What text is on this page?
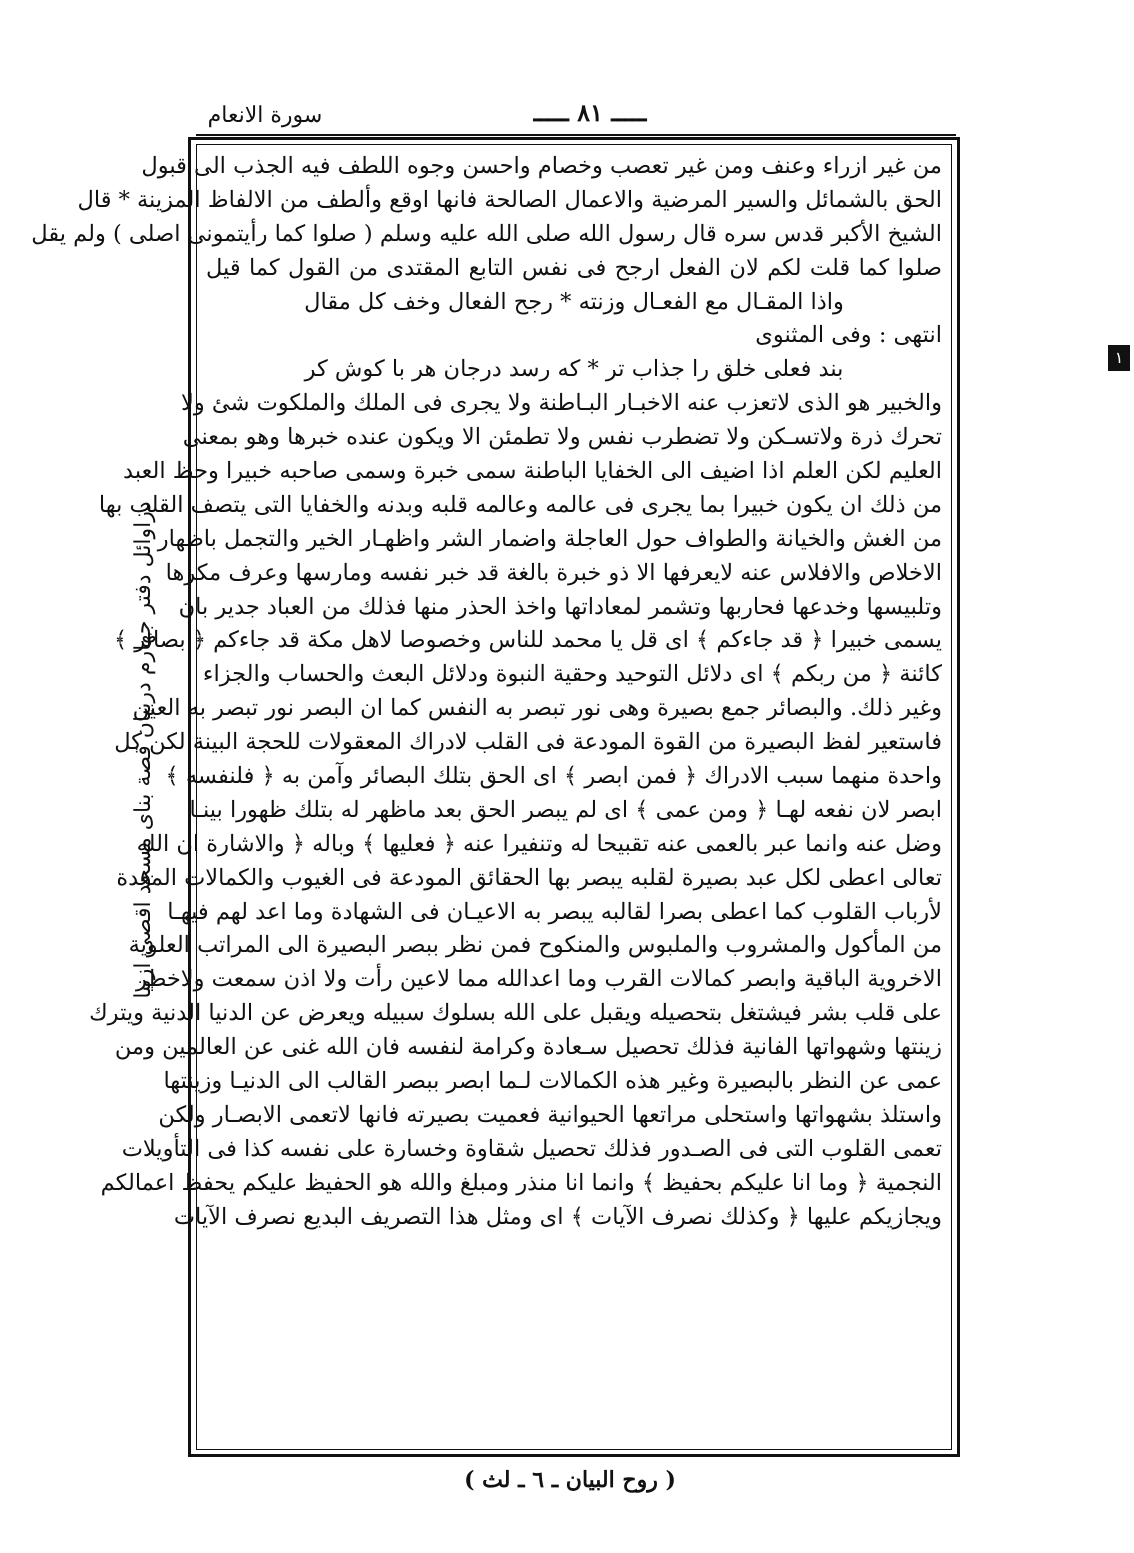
سورة الانعام	ـــــ ٨١ ـــــ
دراوائل دفتر جهارم دربيان قصة بناى مسجد اقصى ازنيا
١
من غير ازراء وعنف ومن غير تعصب وخصام واحسن وجوه اللطف فيه الجذب الى قبول
الحق بالشمائل والسير المرضية والاعمال الصالحة فانها اوقع وألطف من الالفاظ المزينة * قال
الشيخ الأكبر قدس سره قال رسول الله صلى الله عليه وسلم ( صلوا كما رأيتمونى اصلى ) ولم يقل
صلوا كما قلت لكم لان الفعل ارجح فى نفس التابع المقتدى من القول كما قيل
واذا المقـال مع الفعـال وزنته * رجح الفعال وخف كل مقال
انتهى : وفى المثنوى
بند فعلى خلق را جذاب تر * كه رسد درجان هر با كوش كر
والخبير هو الذى لاتعزب عنه الاخبـار البـاطنة ولا يجرى فى الملك والملكوت شئ ولا
تحرك ذرة ولاتسـكن ولا تضطرب نفس ولا تطمئن الا ويكون عنده خبرها وهو بمعنى
العليم لكن العلم اذا اضيف الى الخفايا الباطنة سمى خبرة وسمى صاحبه خبيرا وحظ العبد
من ذلك ان يكون خبيرا بما يجرى فى عالمه وعالمه قلبه وبدنه والخفايا التى يتصف القلب بها
من الغش والخيانة والطواف حول العاجلة واضمار الشر واظهـار الخير والتجمل باظهار
الاخلاص والافلاس عنه لايعرفها الا ذو خبرة بالغة قد خبر نفسه ومارسها وعرف مكرها
وتلبيسها وخدعها فحاربها وتشمر لمعاداتها واخذ الحذر منها فذلك من العباد جدير بان
يسمى خبيرا ﴿ قد جاءكم ﴾ اى قل يا محمد للناس وخصوصا لاهل مكة قد جاءكم ﴿ بصائر ﴾
كائنة ﴿ من ربكم ﴾ اى دلائل التوحيد وحقية النبوة ودلائل البعث والحساب والجزاء
وغير ذلك. والبصائر جمع بصيرة وهى نور تبصر به النفس كما ان البصر نور تبصر به العين
فاستعير لفظ البصيرة من القوة المودعة فى القلب لادراك المعقولات للحجة البينة لكن كل
واحدة منهما سبب الادراك ﴿ فمن ابصر ﴾ اى الحق بتلك البصائر وآمن به ﴿ فلنفسه ﴾
ابصر لان نفعه لهـا ﴿ ومن عمى ﴾ اى لم يبصر الحق بعد ماظهر له بتلك ظهورا بينـا
وضل عنه وانما عبر بالعمى عنه تقبيحا له وتنفيرا عنه ﴿ فعليها ﴾ وباله ﴿ والاشارة ان الله
تعالى اعطى لكل عبد بصيرة لقلبه يبصر بها الحقائق المودعة فى الغيوب والكمالات المعدة
لأرباب القلوب كما اعطى بصرا لقالبه يبصر به الاعيـان فى الشهادة وما اعد لهم فيهـا
من المأكول والمشروب والملبوس والمنكوح فمن نظر ببصر البصيرة الى المراتب العلوية
الاخروية الباقية وابصر كمالات القرب وما اعدالله مما لاعين رأت ولا اذن سمعت ولاخطر
على قلب بشر فيشتغل بتحصيله ويقبل على الله بسلوك سبيله ويعرض عن الدنيا الدنية ويترك
زينتها وشهواتها الفانية فذلك تحصيل سـعادة وكرامة لنفسه فان الله غنى عن العالمين ومن
عمى عن النظر بالبصيرة وغير هذه الكمالات لـما ابصر ببصر القالب الى الدنيـا وزينتها
واستلذ بشهواتها واستحلى مراتعها الحيوانية فعميت بصيرته فانها لاتعمى الابصـار ولكن
تعمى القلوب التى فى الصـدور فذلك تحصيل شقاوة وخسارة على نفسه كذا فى التأويلات
النجمية ﴿ وما انا عليكم بحفيظ ﴾ وانما انا منذر ومبلغ والله هو الحفيظ عليكم يحفظ اعمالكم
ويجازيكم عليها ﴿ وكذلك نصرف الآيات ﴾ اى ومثل هذا التصريف البديع نصرف الآيات
( روح البيان ـ ٦ ـ لث )
